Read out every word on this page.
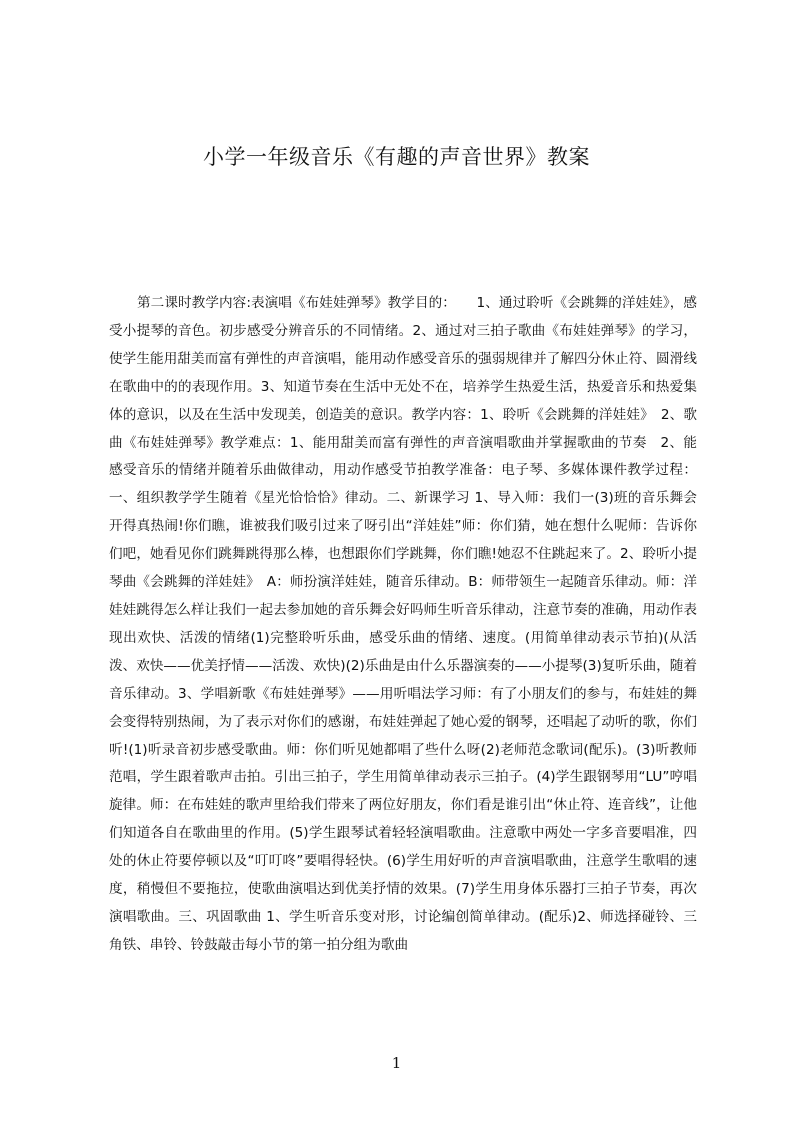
小学一年级音乐《有趣的声音世界》教案

第二课时教学内容:表演唱《布娃娃弹琴》教学目的：　　1、通过聆听《会跳舞的洋娃娃》，感受小提琴的音色。初步感受分辨音乐的不同情绪。2、通过对三拍子歌曲《布娃娃弹琴》的学习，使学生能用甜美而富有弹性的声音演唱，能用动作感受音乐的强弱规律并了解四分休止符、圆滑线在歌曲中的的表现作用。3、知道节奏在生活中无处不在，培养学生热爱生活，热爱音乐和热爱集体的意识，以及在生活中发现美，创造美的意识。教学内容：1、聆听《会跳舞的洋娃娃》　2、歌曲《布娃娃弹琴》教学难点：1、能用甜美而富有弹性的声音演唱歌曲并掌握歌曲的节奏　2、能感受音乐的情绪并随着乐曲做律动，用动作感受节拍教学准备：电子琴、多媒体课件教学过程：一、组织教学学生随着《星光恰恰恰》律动。二、新课学习 1、导入师：我们一(3)班的音乐舞会开得真热闹!你们瞧，谁被我们吸引过来了呀引出“洋娃娃”师：你们猜，她在想什么呢师：告诉你们吧，她看见你们跳舞跳得那么棒，也想跟你们学跳舞，你们瞧!她忍不住跳起来了。2、聆听小提琴曲《会跳舞的洋娃娃》　A：师扮演洋娃娃，随音乐律动。B：师带领生一起随音乐律动。师：洋娃娃跳得怎么样让我们一起去参加她的音乐舞会好吗师生听音乐律动，注意节奏的准确，用动作表现出欢快、活泼的情绪(1)完整聆听乐曲，感受乐曲的情绪、速度。(用简单律动表示节拍)(从活泼、欢快——优美抒情——活泼、欢快)(2)乐曲是由什么乐器演奏的——小提琴(3)复听乐曲，随着音乐律动。3、学唱新歌《布娃娃弹琴》——用听唱法学习师：有了小朋友们的参与，布娃娃的舞会变得特别热闹，为了表示对你们的感谢，布娃娃弹起了她心爱的钢琴，还唱起了动听的歌，你们听!(1)听录音初步感受歌曲。师：你们听见她都唱了些什么呀(2)老师范念歌词(配乐)。(3)听教师范唱，学生跟着歌声击拍。引出三拍子，学生用简单律动表示三拍子。(4)学生跟钢琴用“LU”哼唱旋律。师：在布娃娃的歌声里给我们带来了两位好朋友，你们看是谁引出“休止符、连音线”，让他们知道各自在歌曲里的作用。(5)学生跟琴试着轻轻演唱歌曲。注意歌中两处一字多音要唱准，四处的休止符要停顿以及“叮叮咚”要唱得轻快。(6)学生用好听的声音演唱歌曲，注意学生歌唱的速度，稍慢但不要拖拉，使歌曲演唱达到优美抒情的效果。(7)学生用身体乐器打三拍子节奏，再次演唱歌曲。三、巩固歌曲 1、学生听音乐变对形，讨论编创简单律动。(配乐)2、师选择碰铃、三角铁、串铃、铃鼓敲击每小节的第一拍分组为歌曲

1
